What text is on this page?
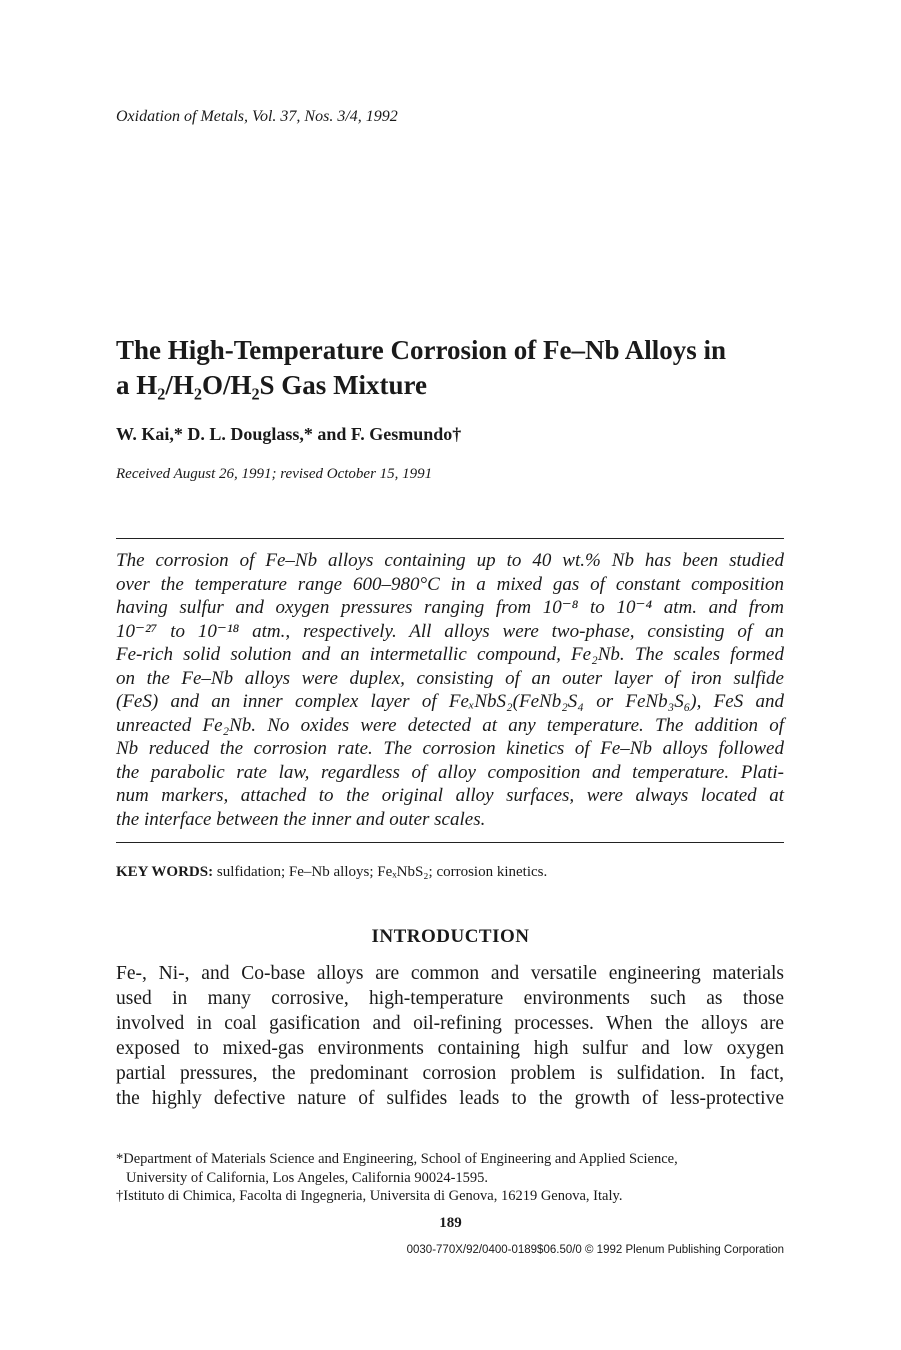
Oxidation of Metals, Vol. 37, Nos. 3/4, 1992
The High-Temperature Corrosion of Fe–Nb Alloys in
a H₂/H₂O/H₂S Gas Mixture
W. Kai,* D. L. Douglass,* and F. Gesmundo†
Received August 26, 1991; revised October 15, 1991
The corrosion of Fe–Nb alloys containing up to 40 wt.% Nb has been studied
over the temperature range 600–980°C in a mixed gas of constant composition
having sulfur and oxygen pressures ranging from 10⁻⁸ to 10⁻⁴ atm. and from
10⁻²⁷ to 10⁻¹⁸ atm., respectively. All alloys were two-phase, consisting of an
Fe-rich solid solution and an intermetallic compound, Fe₂Nb. The scales formed
on the Fe–Nb alloys were duplex, consisting of an outer layer of iron sulfide
(FeS) and an inner complex layer of FeₓNbS₂(FeNb₂S₄ or FeNb₃S₆), FeS and
unreacted Fe₂Nb. No oxides were detected at any temperature. The addition of
Nb reduced the corrosion rate. The corrosion kinetics of Fe–Nb alloys followed
the parabolic rate law, regardless of alloy composition and temperature. Plati-
num markers, attached to the original alloy surfaces, were always located at
the interface between the inner and outer scales.
KEY WORDS: sulfidation; Fe–Nb alloys; FeₓNbS₂; corrosion kinetics.
INTRODUCTION
Fe-, Ni-, and Co-base alloys are common and versatile engineering materials
used in many corrosive, high-temperature environments such as those
involved in coal gasification and oil-refining processes. When the alloys are
exposed to mixed-gas environments containing high sulfur and low oxygen
partial pressures, the predominant corrosion problem is sulfidation. In fact,
the highly defective nature of sulfides leads to the growth of less-protective
*Department of Materials Science and Engineering, School of Engineering and Applied Science,
University of California, Los Angeles, California 90024-1595.
†Istituto di Chimica, Facolta di Ingegneria, Universita di Genova, 16219 Genova, Italy.
189
0030-770X/92/0400-0189$06.50/0 © 1992 Plenum Publishing Corporation
